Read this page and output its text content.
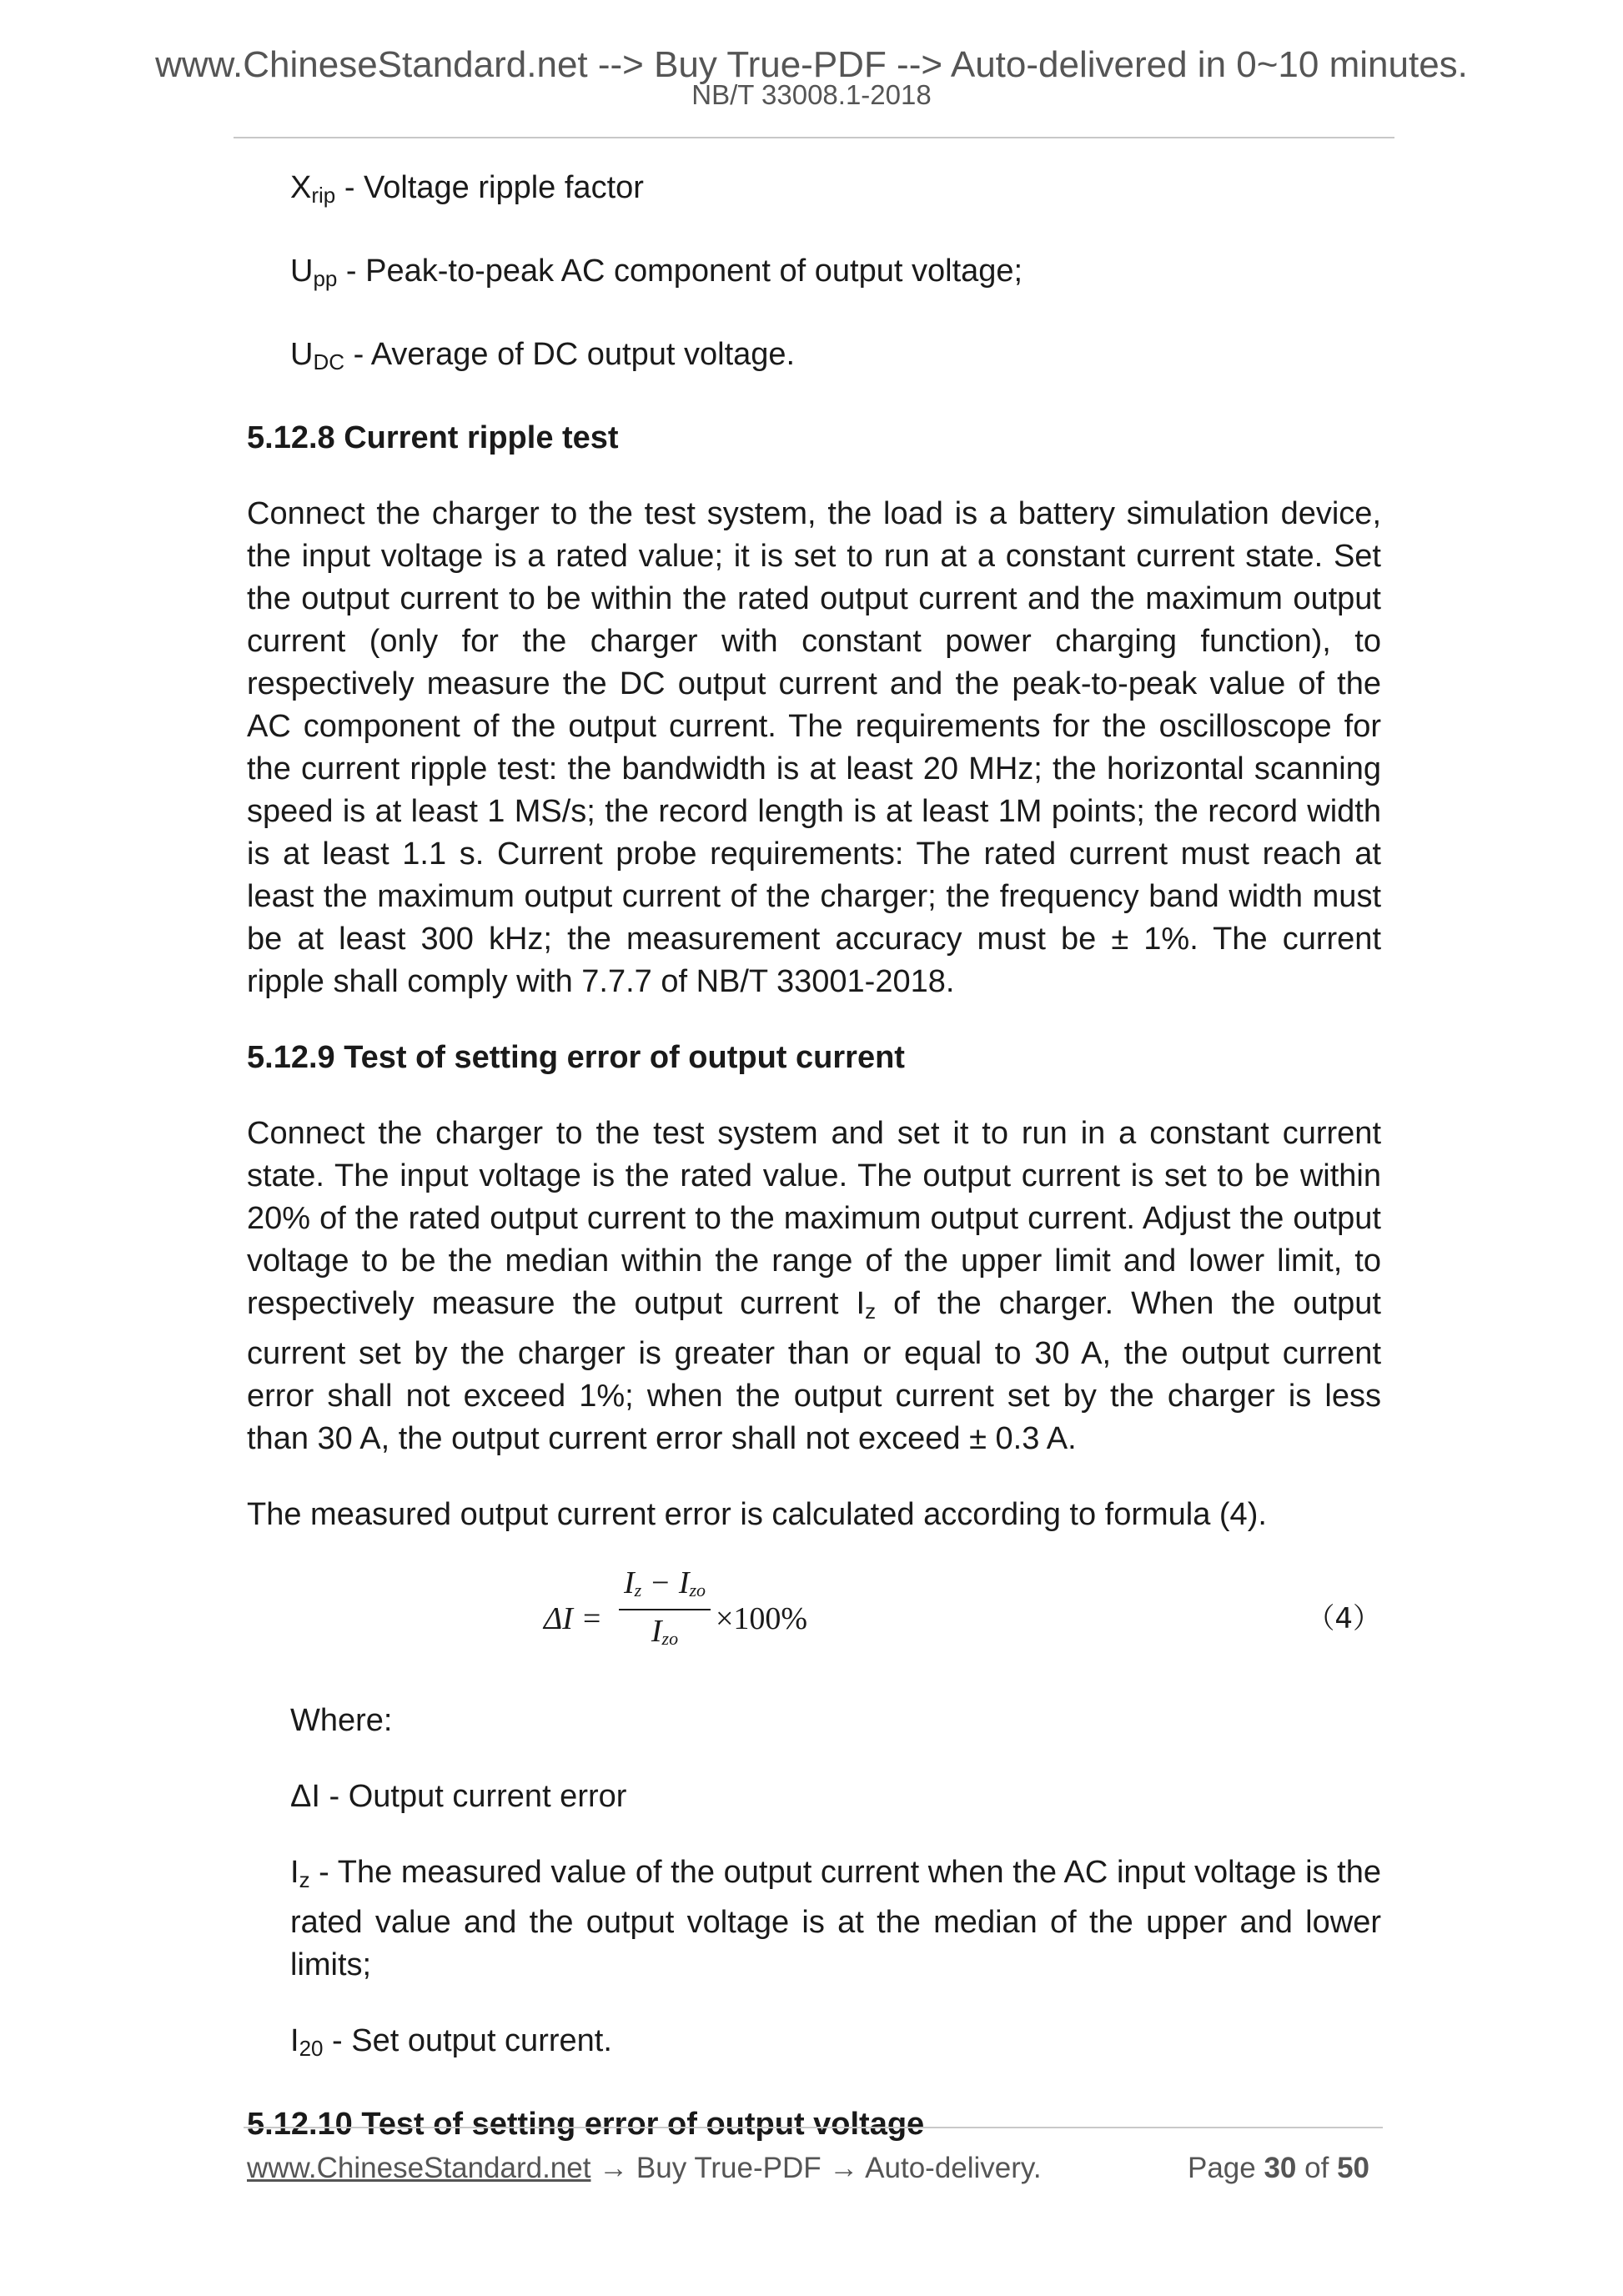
www.ChineseStandard.net --> Buy True-PDF --> Auto-delivered in 0~10 minutes.
NB/T 33008.1-2018
$X_{rip}$ - Voltage ripple factor
$U_{pp}$ - Peak-to-peak AC component of output voltage;
$U_{DC}$ - Average of DC output voltage.
5.12.8 Current ripple test
Connect the charger to the test system, the load is a battery simulation device, the input voltage is a rated value; it is set to run at a constant current state. Set the output current to be within the rated output current and the maximum output current (only for the charger with constant power charging function), to respectively measure the DC output current and the peak-to-peak value of the AC component of the output current. The requirements for the oscilloscope for the current ripple test: the bandwidth is at least 20 MHz; the horizontal scanning speed is at least 1 MS/s; the record length is at least 1M points; the record width is at least 1.1 s. Current probe requirements: The rated current must reach at least the maximum output current of the charger; the frequency band width must be at least 300 kHz; the measurement accuracy must be ± 1%. The current ripple shall comply with 7.7.7 of NB/T 33001-2018.
5.12.9 Test of setting error of output current
Connect the charger to the test system and set it to run in a constant current state. The input voltage is the rated value. The output current is set to be within 20% of the rated output current to the maximum output current. Adjust the output voltage to be the median within the range of the upper limit and lower limit, to respectively measure the output current $I_z$ of the charger. When the output current set by the charger is greater than or equal to 30 A, the output current error shall not exceed 1%; when the output current set by the charger is less than 30 A, the output current error shall not exceed ± 0.3 A.
The measured output current error is calculated according to formula (4).
ΔI =
Iz − Izo
Izo
×100%	（4）
Where:
ΔI - Output current error
$I_z$ - The measured value of the output current when the AC input voltage is the rated value and the output voltage is at the median of the upper and lower limits;
$I_{20}$ - Set output current.
5.12.10 Test of setting error of output voltage
www.ChineseStandard.net → Buy True-PDF → Auto-delivery.	Page 30 of 50
